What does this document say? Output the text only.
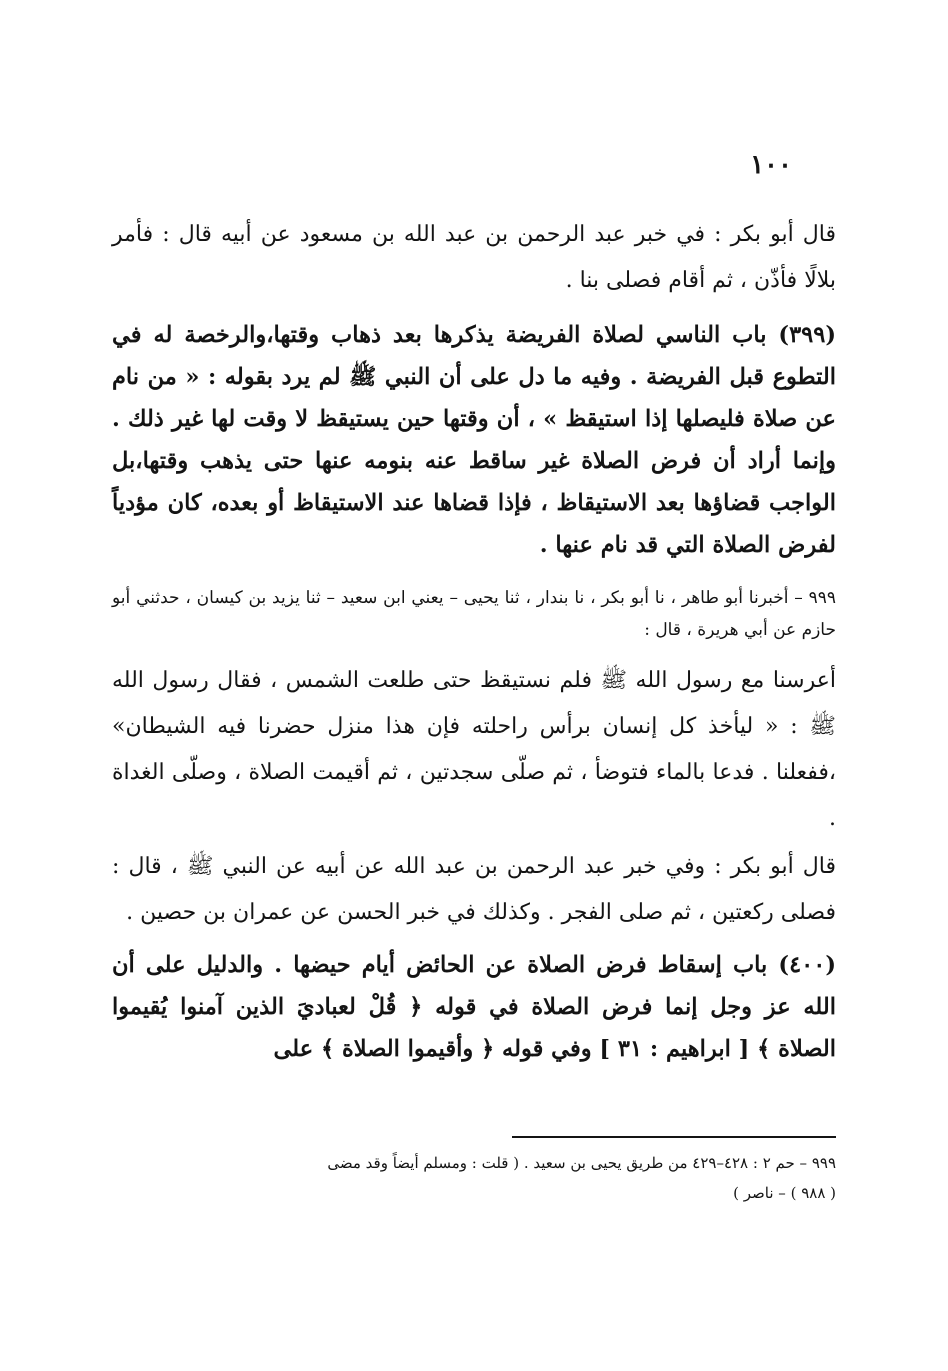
١٠٠

قال أبو بكر : في خبر عبد الرحمن بن عبد الله بن مسعود عن أبيه قال : فأمر بلالًا فأذّن ، ثم أقام فصلى بنا .

(٣٩٩) باب الناسي لصلاة الفريضة يذكرها بعد ذهاب وقتها،والرخصة له في التطوع قبل الفريضة . وفيه ما دل على أن النبي ﷺ لم يرد بقوله : « من نام عن صلاة فليصلها إذا استيقظ » ، أن وقتها حين يستيقظ لا وقت لها غير ذلك . وإنما أراد أن فرض الصلاة غير ساقط عنه بنومه عنها حتى يذهب وقتها،بل الواجب قضاؤها بعد الاستيقاظ ، فإذا قضاها عند الاستيقاظ أو بعده، كان مؤدياً لفرض الصلاة التي قد نام عنها .

٩٩٩ – أخبرنا أبو طاهر ، نا أبو بكر ، نا بندار ، ثنا يحيى – يعني ابن سعيد – ثنا يزيد بن كيسان ، حدثني أبو حازم عن أبي هريرة ، قال :

أعرسنا مع رسول الله ﷺ فلم نستيقظ حتى طلعت الشمس ، فقال رسول الله ﷺ : « ليأخذ كل إنسان برأس راحلته فإن هذا منزل حضرنا فيه الشيطان» ،ففعلنا . فدعا بالماء فتوضأ ، ثم صلّى سجدتين ، ثم أقيمت الصلاة ، وصلّى الغداة .

قال أبو بكر : وفي خبر عبد الرحمن بن عبد الله عن أبيه عن النبي ﷺ ، قال : فصلى ركعتين ، ثم صلى الفجر . وكذلك في خبر الحسن عن عمران بن حصين .

(٤٠٠) باب إسقاط فرض الصلاة عن الحائض أيام حيضها . والدليل على أن الله عز وجل إنما فرض الصلاة في قوله ﴿ قُلْ لعباديَ الذين آمنوا يُقيموا الصلاة ﴾ [ ابراهيم : ٣١ ] وفي قوله ﴿ وأقيموا الصلاة ﴾ على

٩٩٩ – حم ٢ : ٤٢٨–٤٢٩ من طريق يحيى بن سعيد . ( قلت : ومسلم أيضاً وقد مضى
( ٩٨٨ ) – ناصر )
